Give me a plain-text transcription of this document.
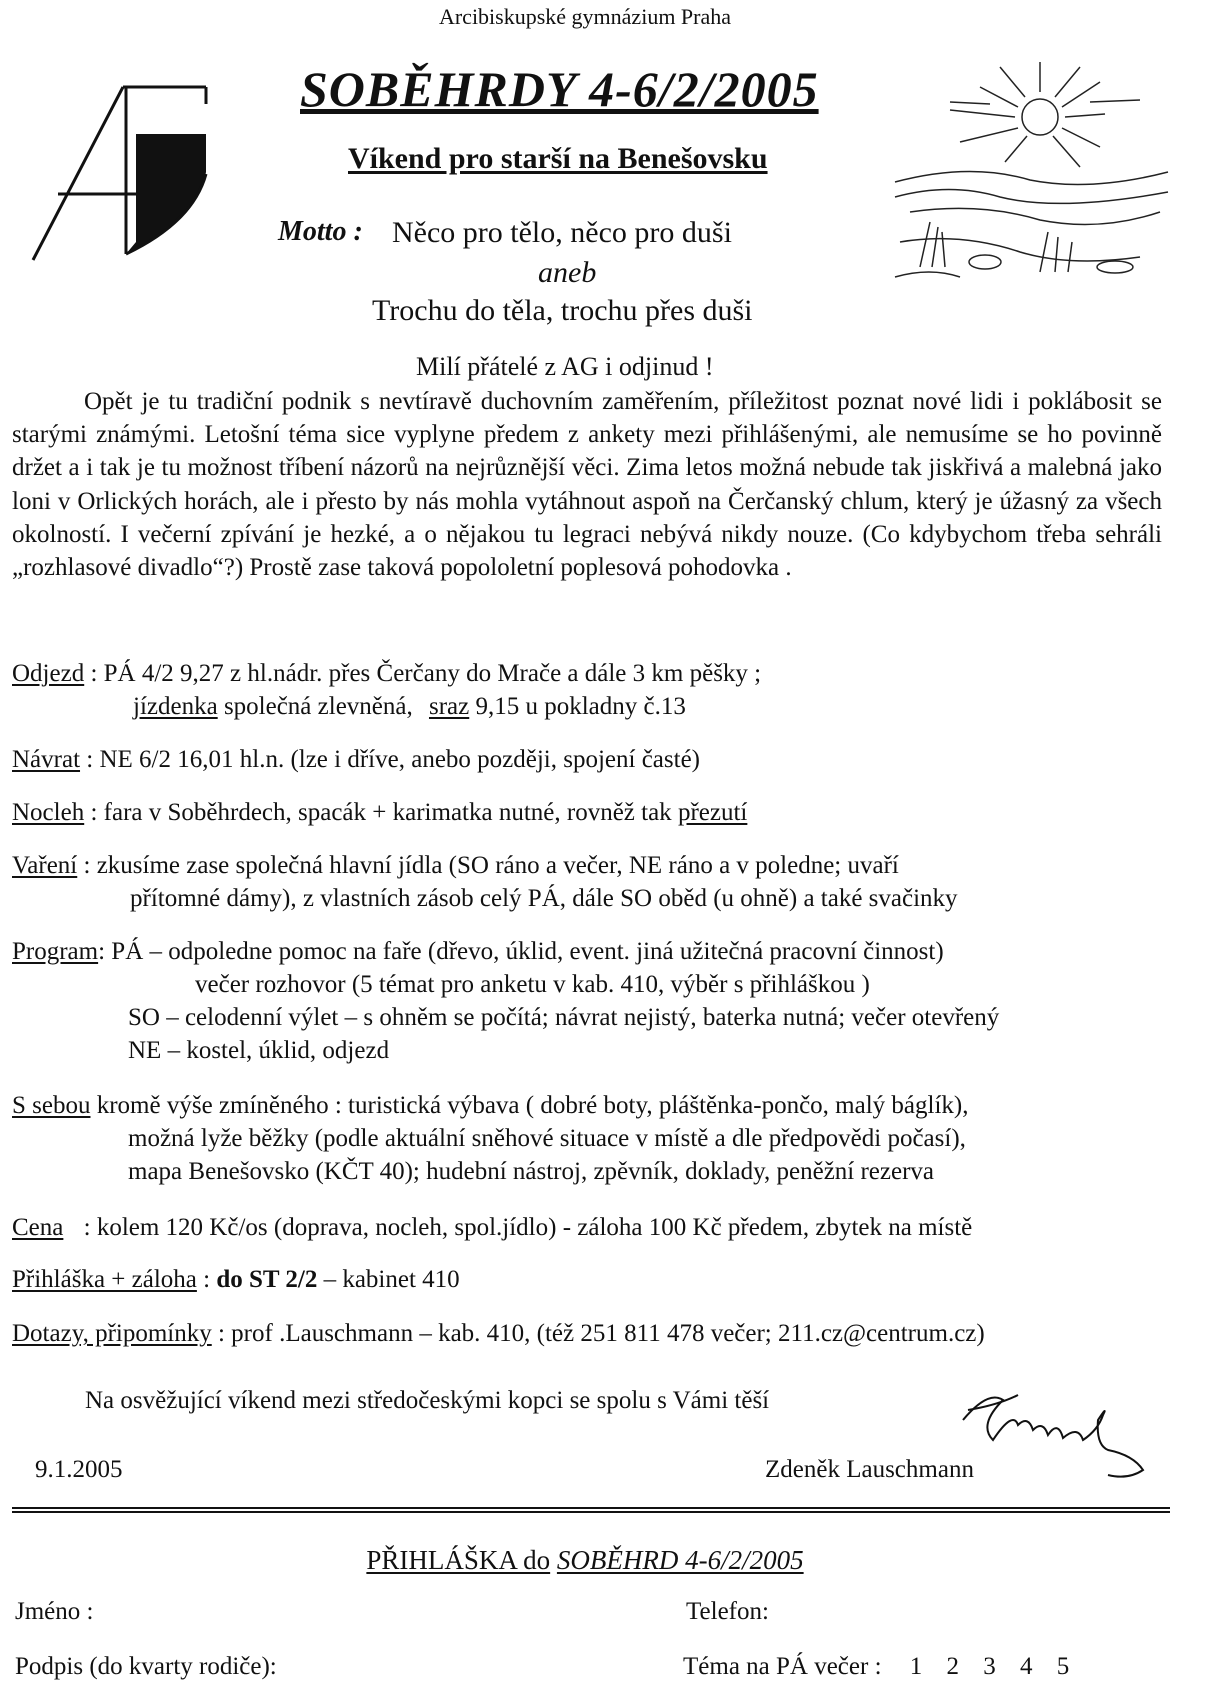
Arcibiskupské gymnázium Praha
SOBĚHRDY 4-6/2/2005
Víkend pro starší na Benešovsku
Motto : Něco pro tělo, něco pro duši
aneb
Trochu do těla, trochu přes duši
Milí přátelé z AG i odjinud !
Opět je tu tradiční podnik s nevtíravě duchovním zaměřením, příležitost poznat nové lidi i poklábosit se starými známými. Letošní téma sice vyplyne předem z ankety mezi přihlášenými, ale nemusíme se ho povinně držet a i tak je tu možnost tříbení názorů na nejrůznější věci. Zima letos možná nebude tak jiskřivá a malebná jako loni v Orlických horách, ale i přesto by nás mohla vytáhnout aspoň na Čerčanský chlum, který je úžasný za všech okolností. I večerní zpívání je hezké, a o nějakou tu legraci nebývá nikdy nouze. (Co kdybychom třeba sehráli „rozhlasové divadlo“?) Prostě zase taková popololetní poplesová pohodovka .
Odjezd : PÁ 4/2 9,27 z hl.nádr. přes Čerčany do Mrače a dále 3 km pěšky ;
jízdenka společná zlevněná, sraz 9,15 u pokladny č.13
Návrat : NE 6/2 16,01 hl.n. (lze i dříve, anebo později, spojení časté)
Nocleh : fara v Soběhrdech, spacák + karimatka nutné, rovněž tak přezutí
Vaření : zkusíme zase společná hlavní jídla (SO ráno a večer, NE ráno a v poledne; uvaří
přítomné dámy), z vlastních zásob celý PÁ, dále SO oběd (u ohně) a také svačinky
Program: PÁ – odpoledne pomoc na faře (dřevo, úklid, event. jiná užitečná pracovní činnost)
večer rozhovor (5 témat pro anketu v kab. 410, výběr s přihláškou )
SO – celodenní výlet – s ohněm se počítá; návrat nejistý, baterka nutná; večer otevřený
NE – kostel, úklid, odjezd
S sebou kromě výše zmíněného : turistická výbava ( dobré boty, pláštěnka-pončo, malý báglík),
možná lyže běžky (podle aktuální sněhové situace v místě a dle předpovědi počasí),
mapa Benešovsko (KČT 40); hudební nástroj, zpěvník, doklady, peněžní rezerva
Cena : kolem 120 Kč/os (doprava, nocleh, spol.jídlo) - záloha 100 Kč předem, zbytek na místě
Přihláška + záloha : do ST 2/2 – kabinet 410
Dotazy, připomínky : prof .Lauschmann – kab. 410, (též 251 811 478 večer; 211.cz@centrum.cz)
Na osvěžující víkend mezi středočeskými kopci se spolu s Vámi těší
9.1.2005	Zdeněk Lauschmann
PŘIHLÁŠKA do SOBĚHRD 4-6/2/2005
Jméno :	Telefon:
Podpis (do kvarty rodiče):	Téma na PÁ večer : 1 2 3 4 5
